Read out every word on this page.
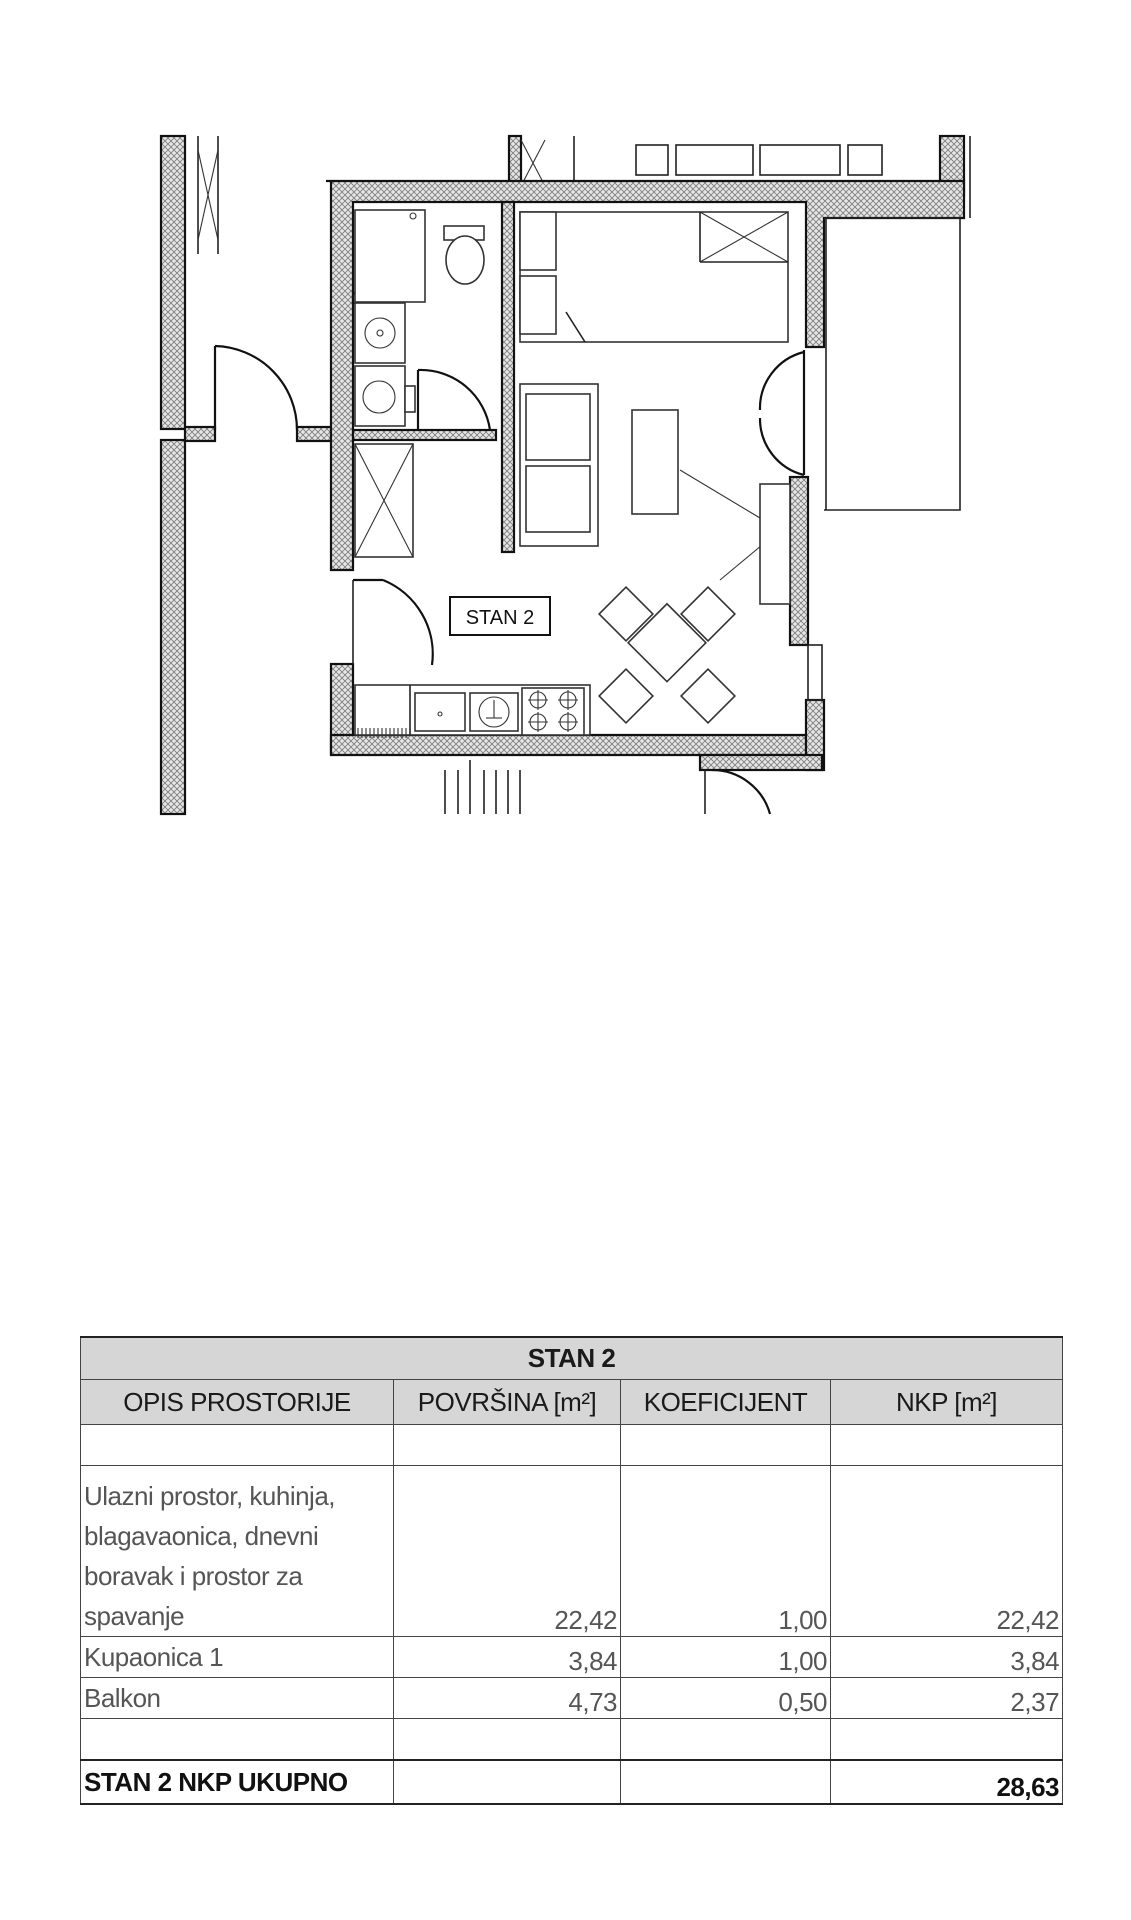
STAN 2
STAN 2			
OPIS PROSTORIJE	POVRŠINA [m²]	KOEFICIJENT	NKP [m²]

Ulazni prostor, kuhinja, blagavaonica, dnevni boravak i prostor za spavanje	22,42	1,00	22,42
Kupaonica 1	3,84	1,00	3,84
Balkon	4,73	0,50	2,37

STAN 2 NKP UKUPNO			28,63
